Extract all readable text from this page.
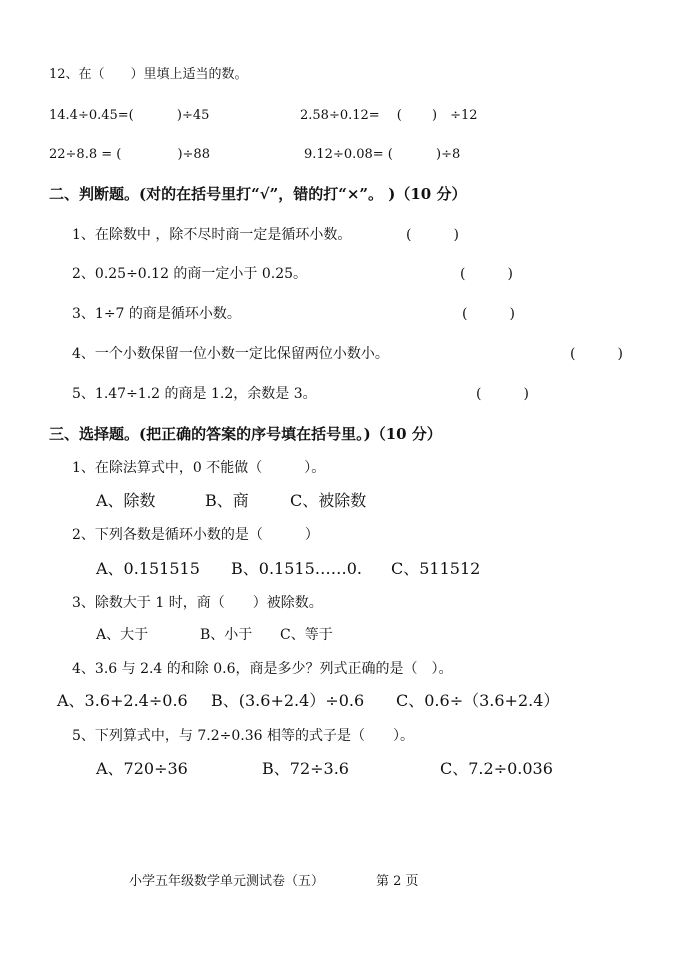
12、在（　　）里填上适当的数。
14.4÷0.45=(　　　 )÷45	2.58÷0.12=　 (　　 )　÷12
22÷8.8 = (　　　　 )÷88	9.12÷0.08= (　　　 )÷8
二、判断题。(对的在括号里打“√”，错的打“×”。 )（10 分）
1、在除数中 ，除不尽时商一定是循环小数。	(　　　)
2、0.25÷0.12 的商一定小于 0.25。	(　　　)
3、1÷7 的商是循环小数。	(　　　)
4、一个小数保留一位小数一定比保留两位小数小。	(　　　)
5、1.47÷1.2 的商是 1.2，余数是 3。	(　　　)
三、选择题。(把正确的答案的序号填在括号里。)（10 分）
1、在除法算式中，0 不能做（　　　）。
A、除数	B、商	C、被除数
2、下列各数是循环小数的是（　　　）
A、0.151515 B、0.1515……0. C、511512
3、除数大于 1 时，商（　　）被除数。
A、大于	B、小于 C、等于
4、3.6 与 2.4 的和除 0.6，商是多少？列式正确的是（　）。
A、3.6+2.4÷0.6 B、(3.6+2.4）÷0.6 C、0.6÷（3.6+2.4）
5、下列算式中，与 7.2÷0.36 相等的式子是（　　）。
A、720÷36	B、72÷3.6	C、7.2÷0.036
小学五年级数学单元测试卷（五）	第 2 页
